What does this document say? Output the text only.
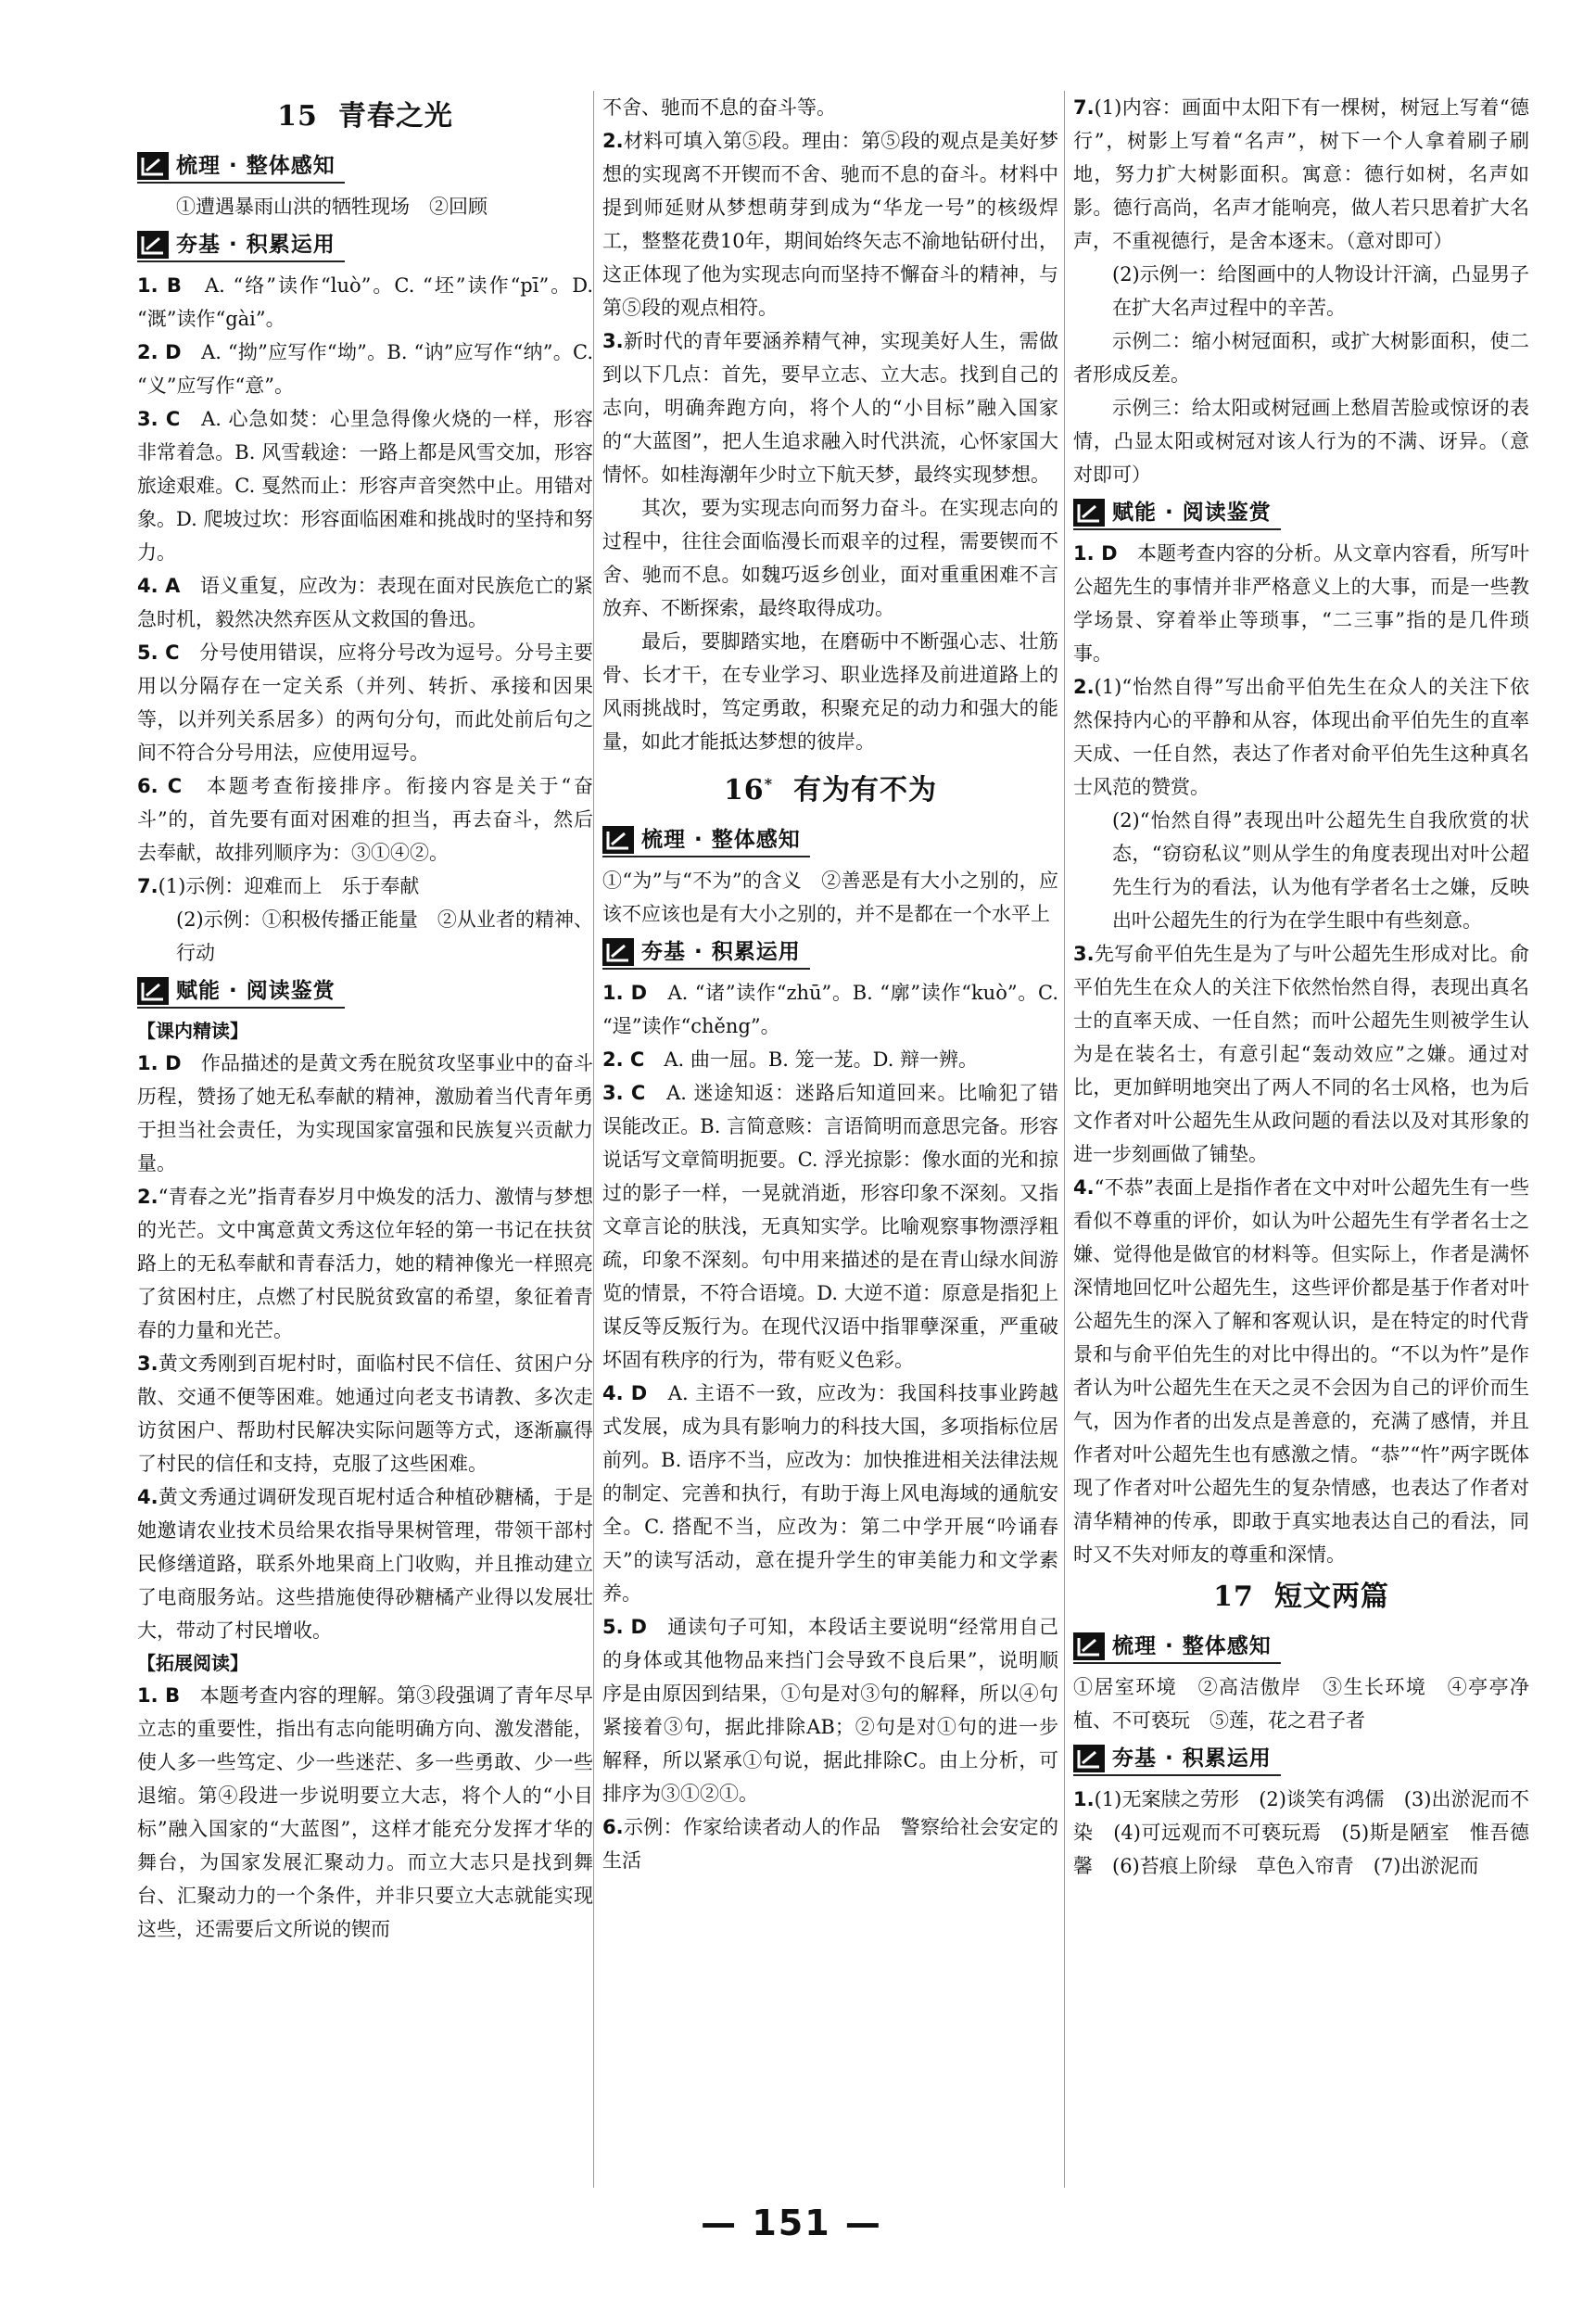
15 青春之光
梳理 · 整体感知

①遭遇暴雨山洪的牺牲现场　②回顾

夯基 · 积累运用

1. B　 A. “络”读作“luò”。C. “坯”读作“pī”。D. “溉”读作“gài”。

2. D　 A. “拗”应写作“坳”。B. “讷”应写作“纳”。C. “义”应写作“意”。

3. C　 A. 心急如焚：心里急得像火烧的一样，形容非常着急。B. 风雪载途：一路上都是风雪交加，形容旅途艰难。C. 戛然而止：形容声音突然中止。用错对象。D. 爬坡过坎：形容面临困难和挑战时的坚持和努力。

4. A　 语义重复，应改为：表现在面对民族危亡的紧急时机，毅然决然弃医从文救国的鲁迅。

5. C　 分号使用错误，应将分号改为逗号。分号主要用以分隔存在一定关系（并列、转折、承接和因果等，以并列关系居多）的两句分句，而此处前后句之间不符合分号用法，应使用逗号。

6. C　 本题考查衔接排序。衔接内容是关于“奋斗”的，首先要有面对困难的担当，再去奋斗，然后去奉献，故排列顺序为：③①④②。

7.(1)示例：迎难而上　乐于奉献

(2)示例：①积极传播正能量　②从业者的精神、行动

赋能 · 阅读鉴赏
【课内精读】

1. D　 作品描述的是黄文秀在脱贫攻坚事业中的奋斗历程，赞扬了她无私奉献的精神，激励着当代青年勇于担当社会责任，为实现国家富强和民族复兴贡献力量。

2.“青春之光”指青春岁月中焕发的活力、激情与梦想的光芒。文中寓意黄文秀这位年轻的第一书记在扶贫路上的无私奉献和青春活力，她的精神像光一样照亮了贫困村庄，点燃了村民脱贫致富的希望，象征着青春的力量和光芒。

3.黄文秀刚到百坭村时，面临村民不信任、贫困户分散、交通不便等困难。她通过向老支书请教、多次走访贫困户、帮助村民解决实际问题等方式，逐渐赢得了村民的信任和支持，克服了这些困难。

4.黄文秀通过调研发现百坭村适合种植砂糖橘，于是她邀请农业技术员给果农指导果树管理，带领干部村民修缮道路，联系外地果商上门收购，并且推动建立了电商服务站。这些措施使得砂糖橘产业得以发展壮大，带动了村民增收。

【拓展阅读】

1. B　 本题考查内容的理解。第③段强调了青年尽早立志的重要性，指出有志向能明确方向、激发潜能，使人多一些笃定、少一些迷茫、多一些勇敢、少一些退缩。第④段进一步说明要立大志，将个人的“小目标”融入国家的“大蓝图”，这样才能充分发挥才华的舞台，为国家发展汇聚动力。而立大志只是找到舞台、汇聚动力的一个条件，并非只要立大志就能实现这些，还需要后文所说的锲而

不舍、驰而不息的奋斗等。

2.材料可填入第⑤段。理由：第⑤段的观点是美好梦想的实现离不开锲而不舍、驰而不息的奋斗。材料中提到师延财从梦想萌芽到成为“华龙一号”的核级焊工，整整花费10年，期间始终矢志不渝地钻研付出，这正体现了他为实现志向而坚持不懈奋斗的精神，与第⑤段的观点相符。

3.新时代的青年要涵养精气神，实现美好人生，需做到以下几点：首先，要早立志、立大志。找到自己的志向，明确奔跑方向，将个人的“小目标”融入国家的“大蓝图”，把人生追求融入时代洪流，心怀家国大情怀。如桂海潮年少时立下航天梦，最终实现梦想。

其次，要为实现志向而努力奋斗。在实现志向的过程中，往往会面临漫长而艰辛的过程，需要锲而不舍、驰而不息。如魏巧返乡创业，面对重重困难不言放弃、不断探索，最终取得成功。

最后，要脚踏实地，在磨砺中不断强心志、壮筋骨、长才干，在专业学习、职业选择及前进道路上的风雨挑战时，笃定勇敢，积聚充足的动力和强大的能量，如此才能抵达梦想的彼岸。

16* 有为有不为
梳理 · 整体感知

①“为”与“不为”的含义　②善恶是有大小之别的，应该不应该也是有大小之别的，并不是都在一个水平上

夯基 · 积累运用

1. D　 A. “诸”读作“zhū”。B. “廓”读作“kuò”。C. “逞”读作“chěng”。

2. C　 A. 曲一屈。B. 笼一茏。D. 辩一辨。

3. C　 A. 迷途知返：迷路后知道回来。比喻犯了错误能改正。B. 言简意赅：言语简明而意思完备。形容说话写文章简明扼要。C. 浮光掠影：像水面的光和掠过的影子一样，一晃就消逝，形容印象不深刻。又指文章言论的肤浅，无真知实学。比喻观察事物漂浮粗疏，印象不深刻。句中用来描述的是在青山绿水间游览的情景，不符合语境。D. 大逆不道：原意是指犯上谋反等反叛行为。在现代汉语中指罪孽深重，严重破坏固有秩序的行为，带有贬义色彩。

4. D　 A. 主语不一致，应改为：我国科技事业跨越式发展，成为具有影响力的科技大国，多项指标位居前列。B. 语序不当，应改为：加快推进相关法律法规的制定、完善和执行，有助于海上风电海域的通航安全。C. 搭配不当，应改为：第二中学开展“吟诵春天”的读写活动，意在提升学生的审美能力和文学素养。

5. D　 通读句子可知，本段话主要说明“经常用自己的身体或其他物品来挡门会导致不良后果”，说明顺序是由原因到结果，①句是对③句的解释，所以④句紧接着③句，据此排除AB；②句是对①句的进一步解释，所以紧承①句说，据此排除C。由上分析，可排序为③①②①。

6.示例：作家给读者动人的作品　警察给社会安定的生活

7.(1)内容：画面中太阳下有一棵树，树冠上写着“德行”，树影上写着“名声”，树下一个人拿着刷子刷地，努力扩大树影面积。寓意：德行如树，名声如影。德行高尚，名声才能响亮，做人若只思着扩大名声，不重视德行，是舍本逐末。（意对即可）

(2)示例一：给图画中的人物设计汗滴，凸显男子在扩大名声过程中的辛苦。

示例二：缩小树冠面积，或扩大树影面积，使二者形成反差。

示例三：给太阳或树冠画上愁眉苦脸或惊讶的表情，凸显太阳或树冠对该人行为的不满、讶异。（意对即可）

赋能 · 阅读鉴赏

1. D　 本题考查内容的分析。从文章内容看，所写叶公超先生的事情并非严格意义上的大事，而是一些教学场景、穿着举止等琐事，“二三事”指的是几件琐事。

2.(1)“怡然自得”写出俞平伯先生在众人的关注下依然保持内心的平静和从容，体现出俞平伯先生的直率天成、一任自然，表达了作者对俞平伯先生这种真名士风范的赞赏。

(2)“怡然自得”表现出叶公超先生自我欣赏的状态，“窃窃私议”则从学生的角度表现出对叶公超先生行为的看法，认为他有学者名士之嫌，反映出叶公超先生的行为在学生眼中有些刻意。

3.先写俞平伯先生是为了与叶公超先生形成对比。俞平伯先生在众人的关注下依然怡然自得，表现出真名士的直率天成、一任自然；而叶公超先生则被学生认为是在装名士，有意引起“轰动效应”之嫌。通过对比，更加鲜明地突出了两人不同的名士风格，也为后文作者对叶公超先生从政问题的看法以及对其形象的进一步刻画做了铺垫。

4.“不恭”表面上是指作者在文中对叶公超先生有一些看似不尊重的评价，如认为叶公超先生有学者名士之嫌、觉得他是做官的材料等。但实际上，作者是满怀深情地回忆叶公超先生，这些评价都是基于作者对叶公超先生的深入了解和客观认识，是在特定的时代背景和与俞平伯先生的对比中得出的。“不以为忤”是作者认为叶公超先生在天之灵不会因为自己的评价而生气，因为作者的出发点是善意的，充满了感情，并且作者对叶公超先生也有感激之情。“恭”“忤”两字既体现了作者对叶公超先生的复杂情感，也表达了作者对清华精神的传承，即敢于真实地表达自己的看法，同时又不失对师友的尊重和深情。

17 短文两篇
梳理 · 整体感知

①居室环境　②高洁傲岸　③生长环境　④亭亭净植、不可亵玩　⑤莲，花之君子者

夯基 · 积累运用

1.(1)无案牍之劳形　(2)谈笑有鸿儒　(3)出淤泥而不染　(4)可远观而不可亵玩焉　(5)斯是陋室　惟吾德馨　(6)苔痕上阶绿　草色入帘青　(7)出淤泥而

— 151 —
